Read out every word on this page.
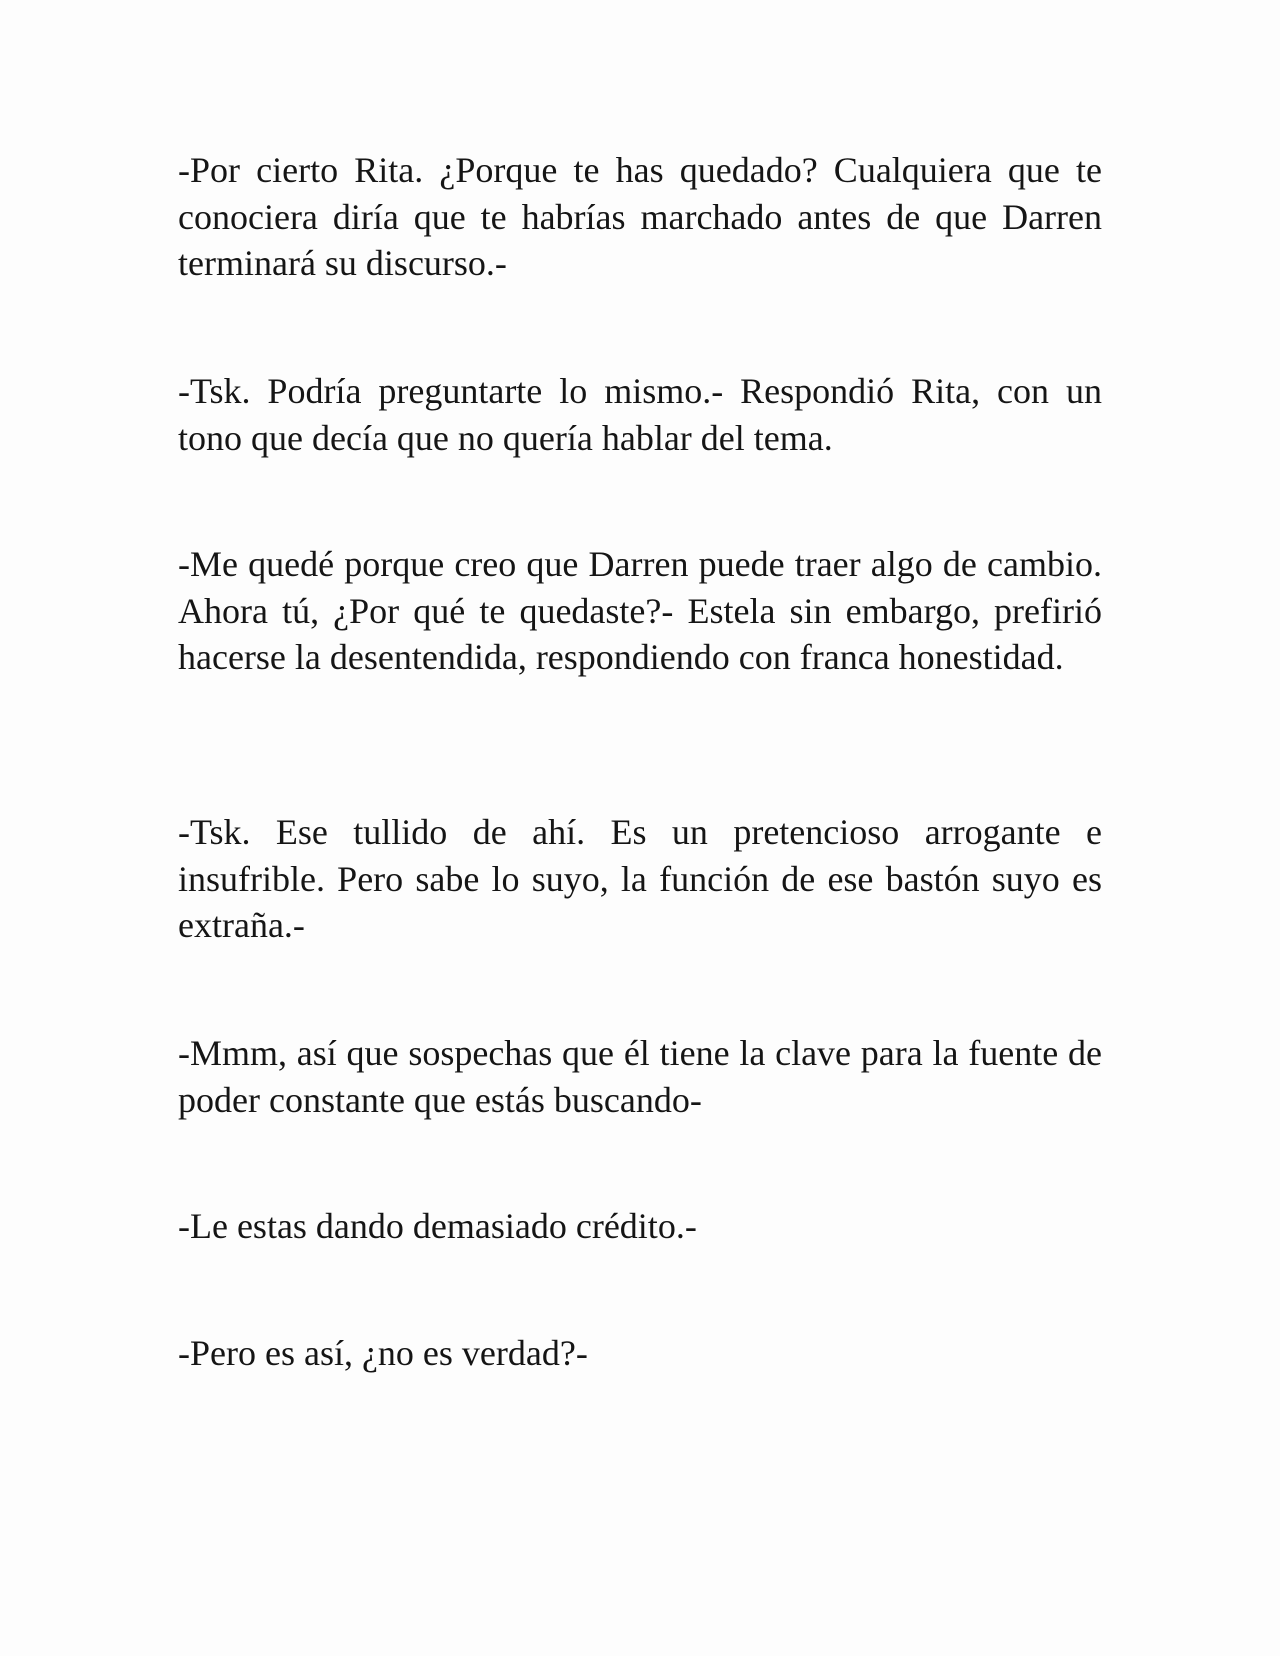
-Por cierto Rita. ¿Porque te has quedado? Cualquiera que te conociera diría que te habrías marchado antes de que Darren terminará su discurso.-

-Tsk. Podría preguntarte lo mismo.- Respondió Rita, con un tono que decía que no quería hablar del tema.

-Me quedé porque creo que Darren puede traer algo de cambio. Ahora tú, ¿Por qué te quedaste?- Estela sin embargo, prefirió hacerse la desentendida, respondiendo con franca honestidad.

-Tsk. Ese tullido de ahí. Es un pretencioso arrogante e insufrible. Pero sabe lo suyo, la función de ese bastón suyo es extraña.-

-Mmm, así que sospechas que él tiene la clave para la fuente de poder constante que estás buscando-

-Le estas dando demasiado crédito.-

-Pero es así, ¿no es verdad?-
